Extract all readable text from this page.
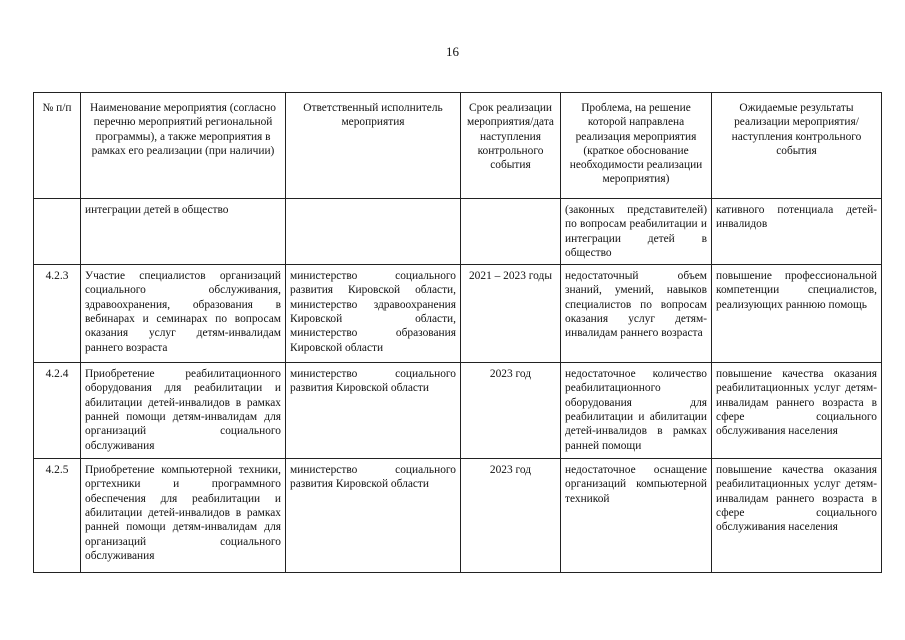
16
№ п/п	Наименование мероприятия (согласно перечню мероприятий региональной программы), а также мероприятия в рамках его реализации (при наличии)	Ответственный исполнитель мероприятия	Срок реализации мероприятия/дата наступления контрольного события	Проблема, на решение которой направлена реализация мероприятия (краткое обоснование необходимости реализации мероприятия)	Ожидаемые результаты реализации мероприятия/наступления контрольного события
	интеграции детей в общество			(законных представителей) по вопросам реабилитации и интеграции детей в общество	кативного потенциала детей-инвалидов
4.2.3	Участие специалистов организаций социального обслуживания, здравоохранения, образования в вебинарах и семинарах по вопросам оказания услуг детям-инвалидам раннего возраста	министерство социального развития Кировской области, министерство здравоохранения Кировской области, министерство образования Кировской области	2021 – 2023 годы	недостаточный объем знаний, умений, навыков специалистов по вопросам оказания услуг детям-инвалидам раннего возраста	повышение профессиональной компетенции специалистов, реализующих раннюю помощь
4.2.4	Приобретение реабилитационного оборудования для реабилитации и абилитации детей-инвалидов в рамках ранней помощи детям-инвалидам для организаций социального обслуживания	министерство социального развития Кировской области	2023 год	недостаточное количество реабилитационного оборудования для реабилитации и абилитации детей-инвалидов в рамках ранней помощи	повышение качества оказания реабилитационных услуг детям-инвалидам раннего возраста в сфере социального обслуживания населения
4.2.5	Приобретение компьютерной техники, оргтехники и программного обеспечения для реабилитации и абилитации детей-инвалидов в рамках ранней помощи детям-инвалидам для организаций социального обслуживания	министерство социального развития Кировской области	2023 год	недостаточное оснащение организаций компьютерной техникой	повышение качества оказания реабилитационных услуг детям-инвалидам раннего возраста в сфере социального обслуживания населения
